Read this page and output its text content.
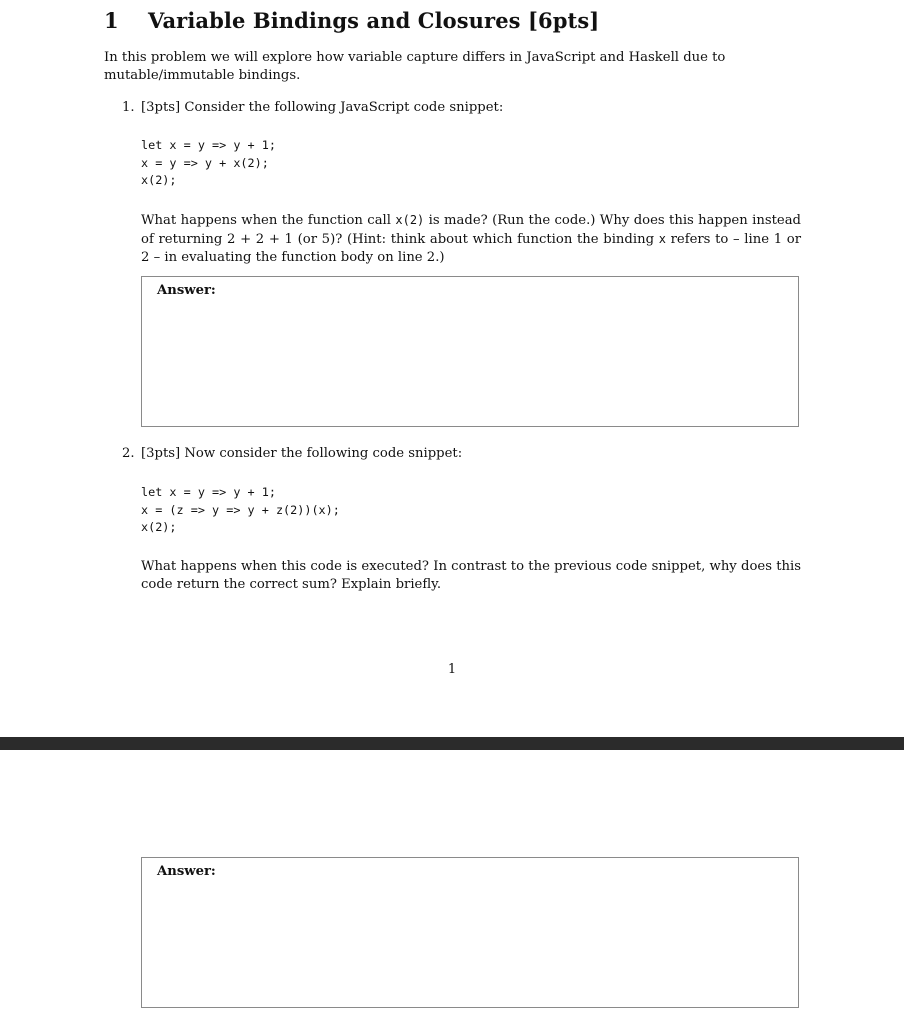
1 Variable Bindings and Closures [6pts]
In this problem we will explore how variable capture differs in JavaScript and Haskell due to mutable/immutable bindings.
1. [3pts] Consider the following JavaScript code snippet:
let x = y => y + 1;
x = y => y + x(2);
x(2);
What happens when the function call x(2) is made? (Run the code.) Why does this happen instead of returning 2 + 2 + 1 (or 5)? (Hint: think about which function the binding x refers to – line 1 or 2 – in evaluating the function body on line 2.)
Answer:
2. [3pts] Now consider the following code snippet:
let x = y => y + 1;
x = (z => y => y + z(2))(x);
x(2);
What happens when this code is executed? In contrast to the previous code snippet, why does this code return the correct sum? Explain briefly.
1
Answer:
